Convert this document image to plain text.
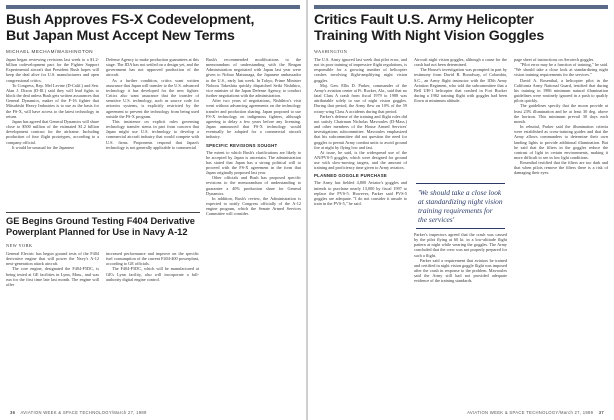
Bush Approves FS-X Codevelopment,
But Japan Must Accept New Terms
MICHAEL MECHAM/WASHINGTON

Japan began reviewing revisions last week to a $1.2-billion codevelopment pact for the Fighter Support Experimental aircraft that President Bush hopes will keep the deal alive for U.S. manufacturers and open congressional critics.

To Congress, Rep. Mel Levine (D-Calif.) and Sen. Alan J. Dixon (D-Ill.) said they will lead fights to block the deal unless Bush gets written assurances that General Dynamics, maker of the F-16 fighter that Mitsubishi Heavy Industries is to use as the basis for the FS-X, will have access to the latest technology in return.

Japan has agreed that General Dynamics will share close to $500 million of the estimated $1.2 billion development contract for the airframe. Including production of four flight prototypes, according to a company official.

It would be unusual for the Japanese

Defense Agency to make production guarantees at this stage. The JDA has not settled on a design yet, and the government has not approved production of the aircraft.

As a further condition, critics want written assurance that Japan will transfer to the U.S. advanced technology it has developed for the new fighter. Critics also want assurance that the transfer of sensitive U.S. technology, such as source code for avionics systems, is explicitly restricted by the agreement to prevent the technology from being used outside the FS-X program.

This insistence on explicit rules governing technology transfer stems in part from concern that Japan might use U.S. technology to develop a commercial aircraft industry that would compete with U.S. firms. Proponents respond that Japan's technology is not generally applicable to commercial

Bush's recommended modifications to the memorandum of understanding with the Reagan Administration negotiated with Japan last year were given to Nobuo Matsunaga, the Japanese ambassador to the U.S., early last week. In Tokyo, Prime Minister Noboru Takeshita quickly dispatched Seiki Nishihiro, vice minister of the Japan Defense Agency, to conduct further negotiations with the administration.

After two years of negotiations, Nishihiro's visit went without advancing agreements on the technology transfer and production sharing. Japan proposed to use FS-X technology on indigenous fighters, although agreeing to delay a few years before any licensing. Japan announced that FS-X technology would eventually be adapted for a commercial aircraft industry.

SPECIFIC REVISIONS SOUGHT

The extent to which Bush's clarifications are likely to be accepted by Japan is uncertain. The administration has stated that Japan has a strong political will to proceed with the FS-X agreement in the form that Japan originally proposed last year.

Other officials and Bush has proposed specific revisions to the memorandum of understanding to guarantee a 40% production share for General Dynamics.

In addition, Bush's review, the Administration is expected to notify Congress officially of the A-12 engine program, which the Senate Armed Services Committee will consider.

GE Begins Ground Testing F404 Derivative
Powerplant Planned for Use in Navy A-12
NEW YORK

General Electric has begun ground tests of the F404 derivative engine that will power the Navy's A-12 next-generation attack aircraft.

The core engine, designated the F404-F5DC, is being tested at GE facilities in Lynn, Mass., and was run for the first time late last month. The engine will offer

increased performance and improve on the specific fuel consumption of the current F404-400 powerplant, according to GE officials.

The F404-F5DC, which will be manufactured at GE's Lynn facility, also will incorporate a full-authority digital engine control.

36 AVIATION WEEK & SPACE TECHNOLOGY/March 27, 1989
Critics Fault U.S. Army Helicopter
Training With Night Vision Goggles
WASHINGTON

The U.S. Army ignored last week that pilot error, and not its poor training of impressive flight regulations, is responsible for a growing number of helicopter crashes involving flight-amplifying night vision goggles.

Maj. Gen. Ellis D. Parker, commander of the Army's aviation center at Ft. Rucker, Ala., said that no fatal Class A crash from fiscal 1979 to 1988 was attributable solely to use of night vision goggles. During that period, the Army flew on 10% of the 59 rotary-wing Class A accidents during that period.

Parker's defense of the training and flight rules did not satisfy Chairman Nicholas Mavroules (D-Mass.) and other members of the House Armed Services' investigations subcommittee. Mavroules emphasized that his subcommittee did not question the need for goggles to permit Army combat units to avoid ground fire at night by flying low and fast.

At issue, he said, is the widespread use of the AN/PVS-5 goggles, which were designed for ground use with slow-moving targets, and the amount of training and proficiency time given to Army aviators.

PLANNED GOGGLE PURCHASE

The Army has fielded 4,800 Aviator's goggles and intends to purchase nearly 13,000 by fiscal 1997 to replace the PVS-5. However, Parker said PVS-5 goggles are adequate. "I do not consider it unsafe to train in the PVS-5," he said.

Aircraft night vision goggles, although a cause for the crash had not been determined.

The House's investigation was prompted in part by testimony from David R. Broadway, of Columbia, S.C., an Army flight instructor with the 1Dth Army Aviation Regiment, who told the subcommittee that a Bell UH-1 helicopter that crashed in Fort Rucker during a 1982 training flight with goggles had been flown at minimum altitude.

'We should take a close look at standardizing night vision training requirements for the services'

Parker's inspectors agreed that the crash was caused by the pilot flying at 60 kt. in a low-altitude flight pattern at night while wearing the goggles. The Army concluded that the crew was not properly prepared for such a flight.

Parker said a requirement that aviators be trained and certified in night vision goggle flight was imposed after the crash in response to the problem. Mavroules said the Army still had not provided adequate evidence of the training standards.

page sheet of instructions on Aerotech goggles.

"Pilot error may be a function of training," he said. "We should take a close look at standardizing night vision training requirements for the services."

David A. Rosenthal, a helicopter pilot in the California Army National Guard, testified that during his training in 1986 minimum natural illumination guidelines were routinely ignored in a push to qualify pilots quickly.

The guidelines specify that the moon provide at least 23% illumination and be at least 30 deg. above the horizon. This minimum prevail 30 days each month.

In rebuttal, Parker said the illumination criteria were established as cross-training guides and that the Army allows commanders to determine their own landing lights to provide additional illumination. But he said that the filters in the goggles reduce the contrast of light in certain environments, making it more difficult to see in low light conditions.

Rosenthal testified that the filters are too dark and that when pilots remove the filters there is a risk of damaging their eyes.

AVIATION WEEK & SPACE TECHNOLOGY/March 27, 1989 37
